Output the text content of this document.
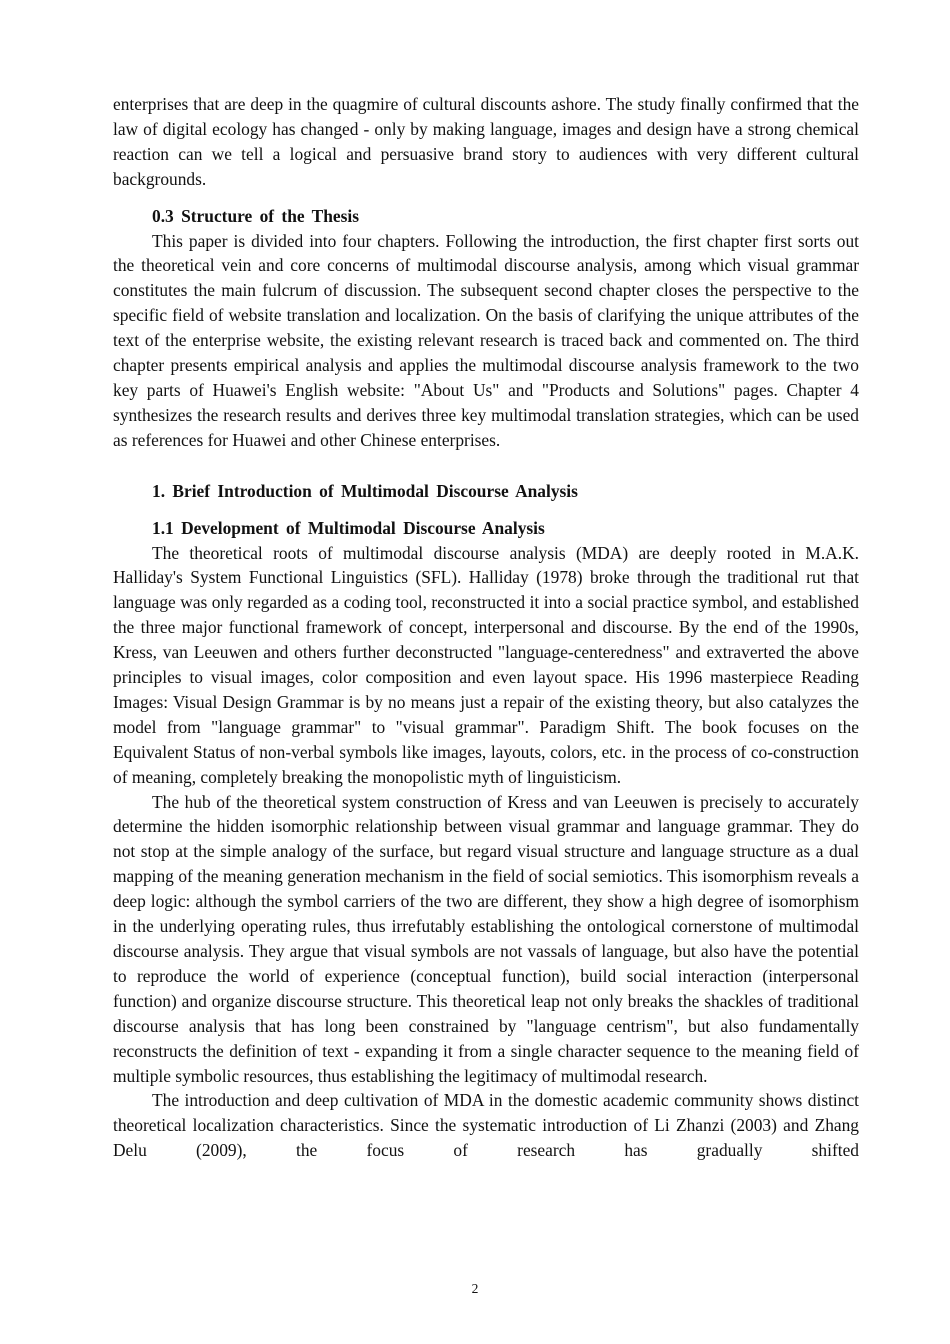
enterprises that are deep in the quagmire of cultural discounts ashore. The study finally confirmed that the law of digital ecology has changed - only by making language, images and design have a strong chemical reaction can we tell a logical and persuasive brand story to audiences with very different cultural backgrounds.

0.3 Structure of the Thesis

This paper is divided into four chapters. Following the introduction, the first chapter first sorts out the theoretical vein and core concerns of multimodal discourse analysis, among which visual grammar constitutes the main fulcrum of discussion. The subsequent second chapter closes the perspective to the specific field of website translation and localization. On the basis of clarifying the unique attributes of the text of the enterprise website, the existing relevant research is traced back and commented on. The third chapter presents empirical analysis and applies the multimodal discourse analysis framework to the two key parts of Huawei's English website: "About Us" and "Products and Solutions" pages. Chapter 4 synthesizes the research results and derives three key multimodal translation strategies, which can be used as references for Huawei and other Chinese enterprises.

1. Brief Introduction of Multimodal Discourse Analysis

1.1 Development of Multimodal Discourse Analysis

The theoretical roots of multimodal discourse analysis (MDA) are deeply rooted in M.A.K. Halliday's System Functional Linguistics (SFL). Halliday (1978) broke through the traditional rut that language was only regarded as a coding tool, reconstructed it into a social practice symbol, and established the three major functional framework of concept, interpersonal and discourse. By the end of the 1990s, Kress, van Leeuwen and others further deconstructed "language-centeredness" and extraverted the above principles to visual images, color composition and even layout space. His 1996 masterpiece Reading Images: Visual Design Grammar is by no means just a repair of the existing theory, but also catalyzes the model from "language grammar" to "visual grammar". Paradigm Shift. The book focuses on the Equivalent Status of non-verbal symbols like images, layouts, colors, etc. in the process of co-construction of meaning, completely breaking the monopolistic myth of linguisticism.

The hub of the theoretical system construction of Kress and van Leeuwen is precisely to accurately determine the hidden isomorphic relationship between visual grammar and language grammar. They do not stop at the simple analogy of the surface, but regard visual structure and language structure as a dual mapping of the meaning generation mechanism in the field of social semiotics. This isomorphism reveals a deep logic: although the symbol carriers of the two are different, they show a high degree of isomorphism in the underlying operating rules, thus irrefutably establishing the ontological cornerstone of multimodal discourse analysis. They argue that visual symbols are not vassals of language, but also have the potential to reproduce the world of experience (conceptual function), build social interaction (interpersonal function) and organize discourse structure. This theoretical leap not only breaks the shackles of traditional discourse analysis that has long been constrained by "language centrism", but also fundamentally reconstructs the definition of text - expanding it from a single character sequence to the meaning field of multiple symbolic resources, thus establishing the legitimacy of multimodal research.

The introduction and deep cultivation of MDA in the domestic academic community shows distinct theoretical localization characteristics. Since the systematic introduction of Li Zhanzi (2003) and Zhang Delu (2009), the focus of research has gradually shifted

2
